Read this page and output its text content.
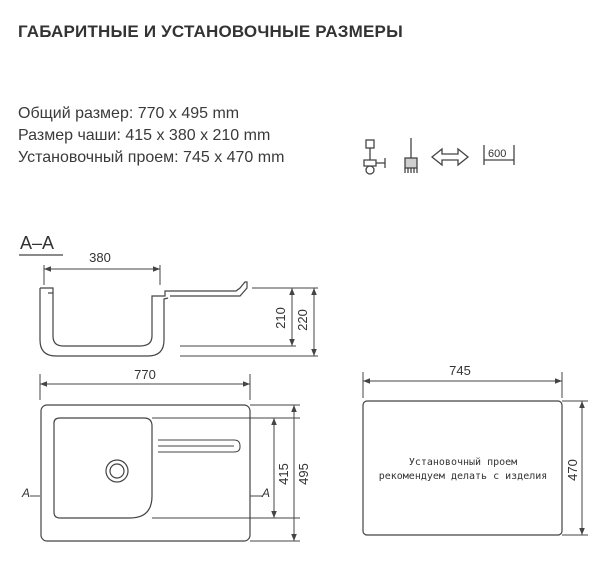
ГАБАРИТНЫЕ И УСТАНОВОЧНЫЕ РАЗМЕРЫ
Общий размер: 770 x 495 mm
Размер чаши: 415 x 380 x 210 mm
Установочный проем: 745 x 470 mm	600
A–A
380
210 220
770
A	A
415 495
745
Установочный проем
рекомендуем делать с изделия 470
